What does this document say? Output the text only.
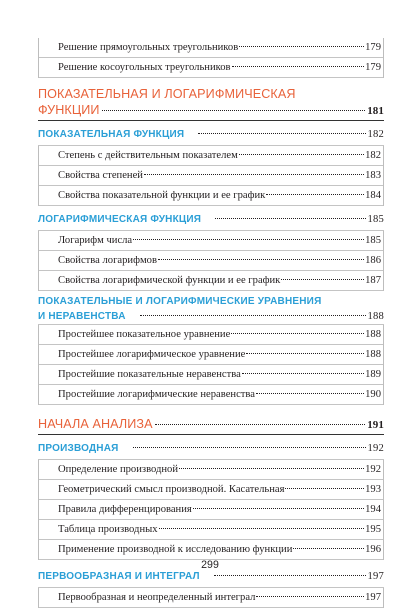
Решение прямоугольных треугольников	179
Решение косоугольных треугольников	179
ПОКАЗАТЕЛЬНАЯ И ЛОГАРИФМИЧЕСКАЯ
ФУНКЦИИ	181
ПОКАЗАТЕЛЬНАЯ ФУНКЦИЯ	182
Степень с действительным показателем	182
Свойства степеней	183
Свойства показательной функции и ее график	184
ЛОГАРИФМИЧЕСКАЯ ФУНКЦИЯ	185
Логарифм числа	185
Свойства логарифмов	186
Свойства логарифмической функции и ее график	187
ПОКАЗАТЕЛЬНЫЕ И ЛОГАРИФМИЧЕСКИЕ УРАВНЕНИЯ
И НЕРАВЕНСТВА	188
Простейшее показательное уравнение	188
Простейшее логарифмическое уравнение	188
Простейшие показательные неравенства	189
Простейшие логарифмические неравенства	190
НАЧАЛА АНАЛИЗА	191
ПРОИЗВОДНАЯ	192
Определение производной	192
Геометрический смысл производной. Касательная	193
Правила дифференцирования	194
Таблица производных	195
Применение производной к исследованию функции	196
ПЕРВООБРАЗНАЯ И ИНТЕГРАЛ	197
Первообразная и неопределенный интеграл	197
299
